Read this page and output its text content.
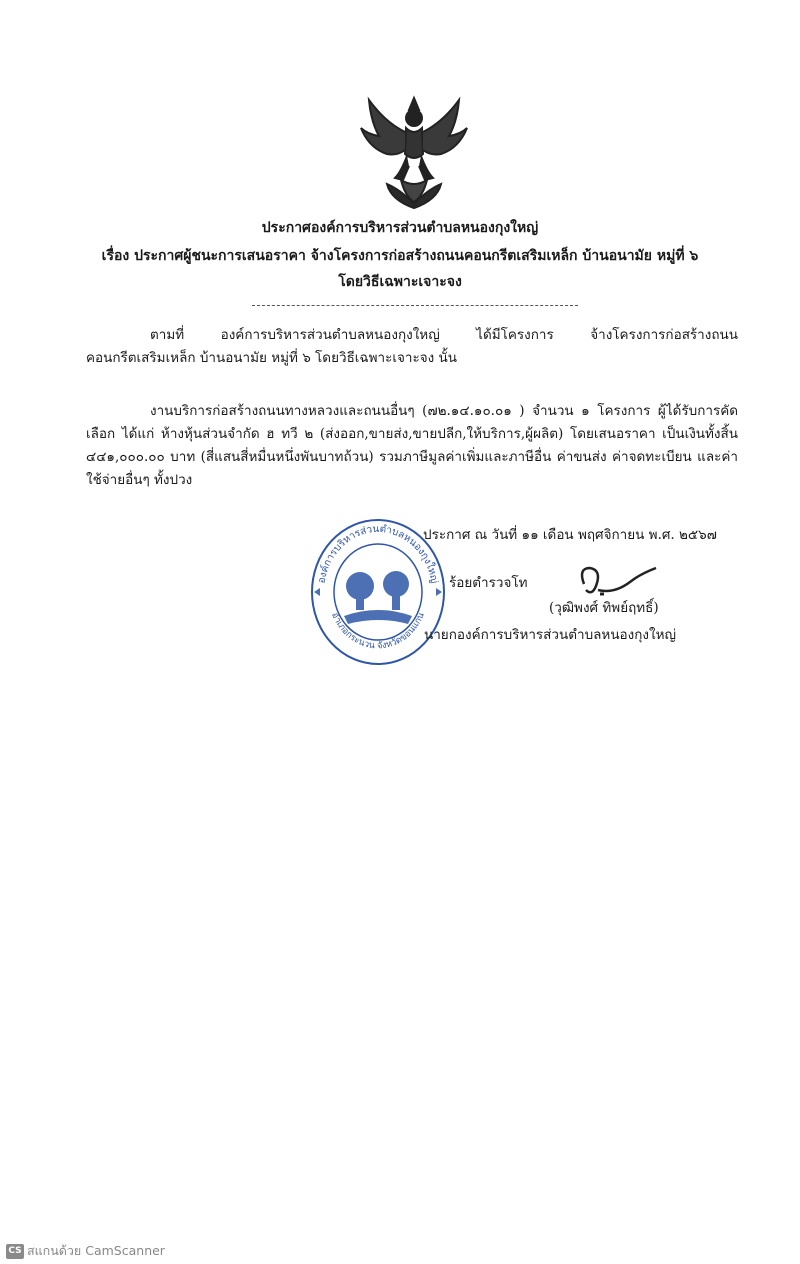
ประกาศองค์การบริหารส่วนตำบลหนองกุงใหญ่
เรื่อง ประกาศผู้ชนะการเสนอราคา จ้างโครงการก่อสร้างถนนคอนกรีตเสริมเหล็ก บ้านอนามัย หมู่ที่ ๖
โดยวิธีเฉพาะเจาะจง
ตามที่ องค์การบริหารส่วนตำบลหนองกุงใหญ่ ได้มีโครงการ จ้างโครงการก่อสร้างถนนคอนกรีตเสริมเหล็ก บ้านอนามัย หมู่ที่ ๖ โดยวิธีเฉพาะเจาะจง นั้น
งานบริการก่อสร้างถนนทางหลวงและถนนอื่นๆ (๗๒.๑๔.๑๐.๐๑ ) จำนวน ๑ โครงการ ผู้ได้รับการคัดเลือก ได้แก่ ห้างหุ้นส่วนจำกัด ฮ ทวี ๒ (ส่งออก,ขายส่ง,ขายปลีก,ให้บริการ,ผู้ผลิต) โดยเสนอราคา เป็นเงินทั้งสิ้น ๔๔๑,๐๐๐.๐๐ บาท (สี่แสนสี่หมื่นหนึ่งพันบาทถ้วน) รวมภาษีมูลค่าเพิ่มและภาษีอื่น ค่าขนส่ง ค่าจดทะเบียน และค่าใช้จ่ายอื่นๆ ทั้งปวง
องค์การบริหารส่วนตำบลหนองกุงใหญ่
อำเภอกระนวน จังหวัดขอนแก่น
ประกาศ ณ วันที่ ๑๑ เดือน พฤศจิกายน พ.ศ. ๒๕๖๗
ร้อยตำรวจโท
(วุฒิพงศ์ ทิพย์ฤทธิ์)
นายกองค์การบริหารส่วนตำบลหนองกุงใหญ่
CS สแกนด้วย CamScanner
